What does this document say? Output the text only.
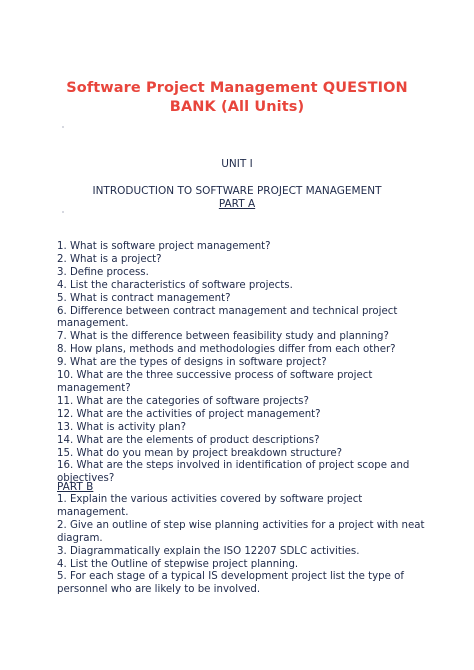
Software Project Management QUESTION
BANK (All Units)
UNIT I
INTRODUCTION TO SOFTWARE PROJECT MANAGEMENT
PART A
1. What is software project management?
2. What is a project?
3. Define process.
4. List the characteristics of software projects.
5. What is contract management?
6. Difference between contract management and technical project management.
7. What is the difference between feasibility study and planning?
8. How plans, methods and methodologies differ from each other?
9. What are the types of designs in software project?
10. What are the three successive process of software project management?
11. What are the categories of software projects?
12. What are the activities of project management?
13. What is activity plan?
14. What are the elements of product descriptions?
15. What do you mean by project breakdown structure?
16. What are the steps involved in identification of project scope and objectives?
PART B
1. Explain the various activities covered by software project management.
2. Give an outline of step wise planning activities for a project with neat diagram.
3. Diagrammatically explain the ISO 12207 SDLC activities.
4. List the Outline of stepwise project planning.
5. For each stage of a typical IS development project list the type of personnel who are likely to be involved.
